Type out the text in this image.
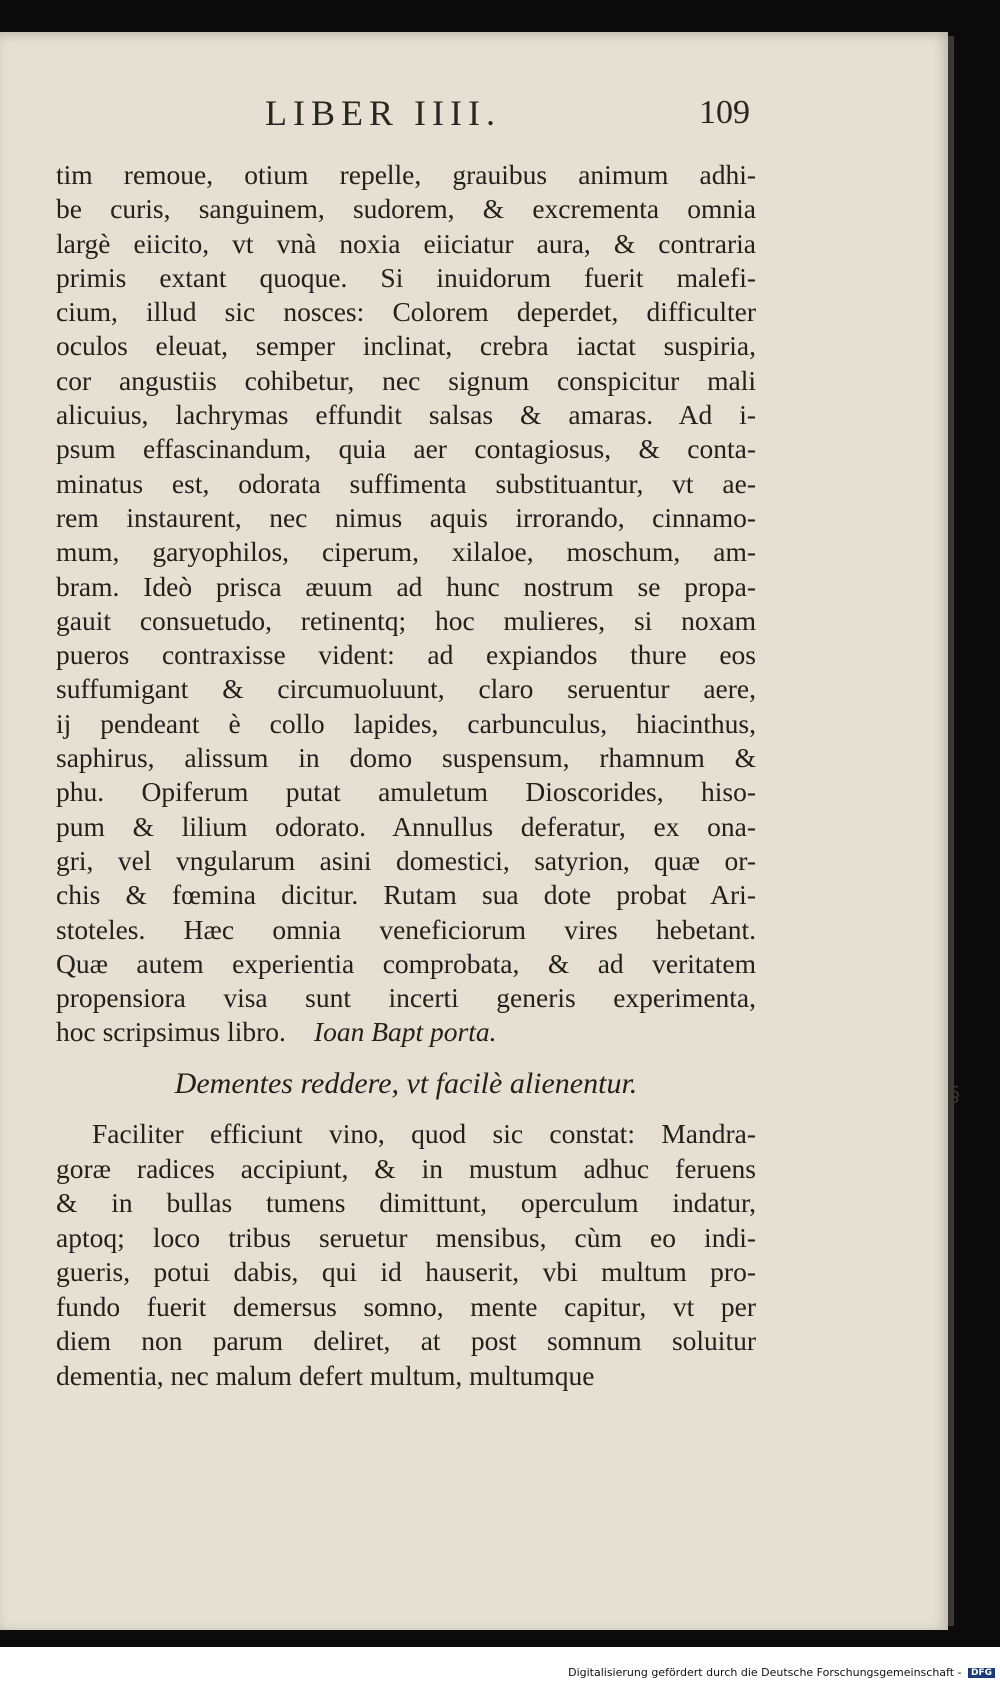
LIBER IIII.	109
tim remoue, otium repelle, grauibus animum adhi-
be curis, sanguinem, sudorem, & excrementa omnia
largè eiicito, vt vnà noxia eiiciatur aura, & contraria
primis extant quoque. Si inuidorum fuerit malefi-
cium, illud sic nosces: Colorem deperdet, difficulter
oculos eleuat, semper inclinat, crebra iactat suspiria,
cor angustiis cohibetur, nec signum conspicitur mali
alicuius, lachrymas effundit salsas & amaras. Ad i-
psum effascinandum, quia aer contagiosus, & conta-
minatus est, odorata suffimenta substituantur, vt ae-
rem instaurent, nec nimus aquis irrorando, cinnamo-
mum, garyophilos, ciperum, xilaloe, moschum, am-
bram. Ideò prisca æuum ad hunc nostrum se propa-
gauit consuetudo, retinentq; hoc mulieres, si noxam
pueros contraxisse vident: ad expiandos thure eos
suffumigant & circumuoluunt, claro seruentur aere,
ij pendeant è collo lapides, carbunculus, hiacinthus,
saphirus, alissum in domo suspensum, rhamnum &
phu. Opiferum putat amuletum Dioscorides, hiso-
pum & lilium odorato. Annullus deferatur, ex ona-
gri, vel vngularum asini domestici, satyrion, quæ or-
chis & fœmina dicitur. Rutam sua dote probat Ari-
stoteles. Hæc omnia veneficiorum vires hebetant.
Quæ autem experientia comprobata, & ad veritatem
propensiora visa sunt incerti generis experimenta,
hoc scripsimus libro. Ioan Bapt porta.
Dementes reddere, vt facilè alienentur.
Faciliter efficiunt vino, quod sic constat: Mandra-
goræ radices accipiunt, & in mustum adhuc feruens
& in bullas tumens dimittunt, operculum indatur,
aptoq; loco tribus seruetur mensibus, cùm eo indi-
gueris, potui dabis, qui id hauserit, vbi multum pro-
fundo fuerit demersus somno, mente capitur, vt per
diem non parum deliret, at post somnum soluitur
dementia, nec malum defert multum, multumque
§
Digitalisierung gefördert durch die Deutsche Forschungsgemeinschaft - DFG
